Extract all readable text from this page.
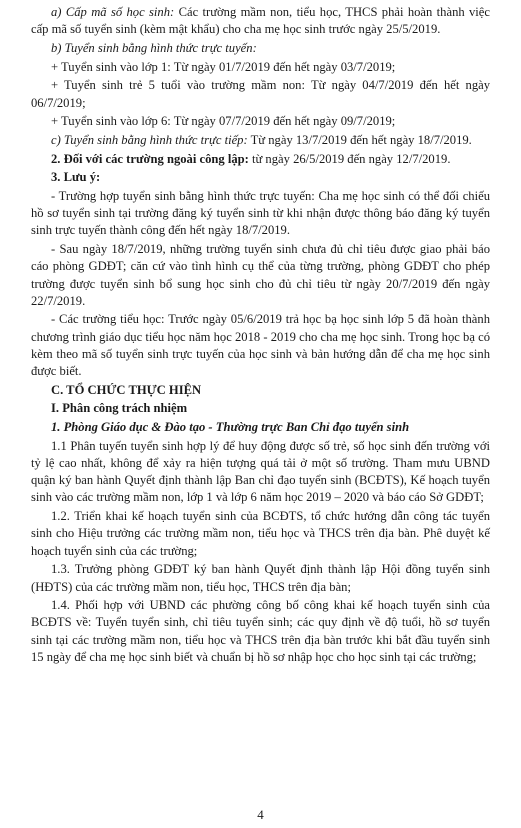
a) Cấp mã số học sinh: Các trường mầm non, tiểu học, THCS phải hoàn thành việc cấp mã số tuyển sinh (kèm mật khẩu) cho cha mẹ học sinh trước ngày 25/5/2019.

b) Tuyển sinh bằng hình thức trực tuyến:

+ Tuyển sinh vào lớp 1: Từ ngày 01/7/2019 đến hết ngày 03/7/2019;

+ Tuyển sinh trẻ 5 tuổi vào trường mầm non: Từ ngày 04/7/2019 đến hết ngày 06/7/2019;

+ Tuyển sinh vào lớp 6: Từ ngày 07/7/2019 đến hết ngày 09/7/2019;

c) Tuyển sinh bằng hình thức trực tiếp: Từ ngày 13/7/2019 đến hết ngày 18/7/2019.

2. Đối với các trường ngoài công lập: từ ngày 26/5/2019 đến ngày 12/7/2019.

3. Lưu ý:

- Trường hợp tuyển sinh bằng hình thức trực tuyến: Cha mẹ học sinh có thể đối chiếu hồ sơ tuyển sinh tại trường đăng ký tuyển sinh từ khi nhận được thông báo đăng ký tuyển sinh trực tuyến thành công đến hết ngày 18/7/2019.

- Sau ngày 18/7/2019, những trường tuyển sinh chưa đủ chỉ tiêu được giao phải báo cáo phòng GDĐT; căn cứ vào tình hình cụ thể của từng trường, phòng GDĐT cho phép trường được tuyển sinh bổ sung học sinh cho đủ chỉ tiêu từ ngày 20/7/2019 đến ngày 22/7/2019.

- Các trường tiểu học: Trước ngày 05/6/2019 trả học bạ học sinh lớp 5 đã hoàn thành chương trình giáo dục tiểu học năm học 2018 - 2019 cho cha mẹ học sinh. Trong học bạ có kèm theo mã số tuyển sinh trực tuyến của học sinh và bản hướng dẫn để cha mẹ học sinh được biết.

C. TỔ CHỨC THỰC HIỆN

I. Phân công trách nhiệm

1. Phòng Giáo dục & Đào tạo - Thường trực Ban Chỉ đạo tuyển sinh

1.1 Phân tuyến tuyển sinh hợp lý để huy động được số trẻ, số học sinh đến trường với tỷ lệ cao nhất, không để xảy ra hiện tượng quá tải ở một số trường. Tham mưu UBND quận ký ban hành Quyết định thành lập Ban chỉ đạo tuyển sinh (BCĐTS), Kế hoạch tuyển sinh vào các trường mầm non, lớp 1 và lớp 6 năm học 2019 – 2020 và báo cáo Sở GDĐT;

1.2. Triển khai kế hoạch tuyển sinh của BCĐTS, tổ chức hướng dẫn công tác tuyển sinh cho Hiệu trưởng các trường mầm non, tiểu học và THCS trên địa bàn. Phê duyệt kế hoạch tuyển sinh của các trường;

1.3. Trưởng phòng GDĐT ký ban hành Quyết định thành lập Hội đồng tuyển sinh (HĐTS) của các trường mầm non, tiểu học, THCS trên địa bàn;

1.4. Phối hợp với UBND các phường công bố công khai kế hoạch tuyển sinh của BCĐTS về: Tuyển tuyển sinh, chỉ tiêu tuyển sinh; các quy định về độ tuổi, hồ sơ tuyển sinh tại các trường mầm non, tiểu học và THCS trên địa bàn trước khi bắt đầu tuyển sinh 15 ngày để cha mẹ học sinh biết và chuẩn bị hồ sơ nhập học cho học sinh tại các trường;

4
